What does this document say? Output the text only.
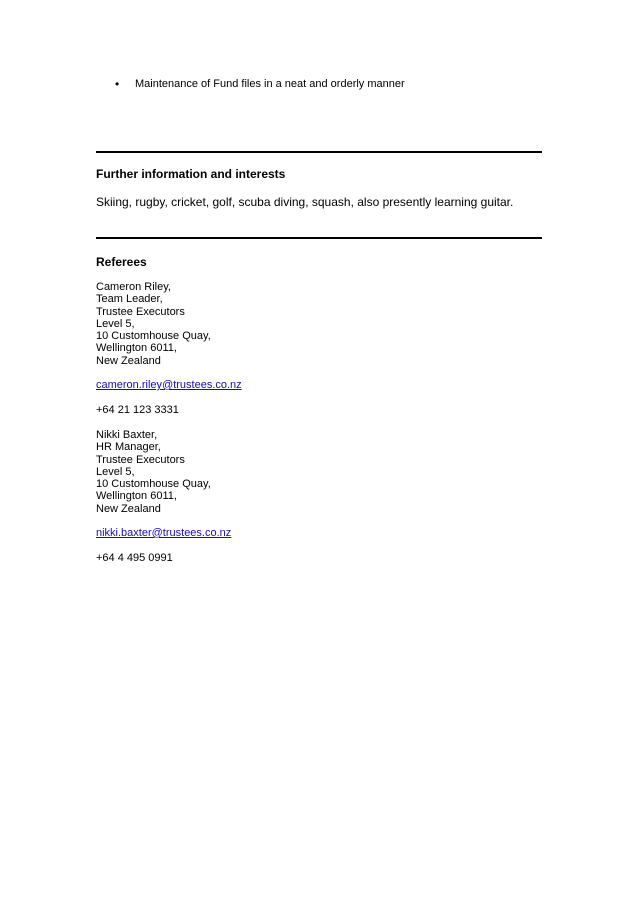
• Maintenance of Fund files in a neat and orderly manner
Further information and interests
Skiing, rugby, cricket, golf, scuba diving, squash, also presently learning guitar.
Referees
Cameron Riley,
Team Leader,
Trustee Executors
Level 5,
10 Customhouse Quay,
Wellington 6011,
New Zealand
cameron.riley@trustees.co.nz
+64 21 123 3331
Nikki Baxter,
HR Manager,
Trustee Executors
Level 5,
10 Customhouse Quay,
Wellington 6011,
New Zealand
nikki.baxter@trustees.co.nz
+64 4 495 0991
